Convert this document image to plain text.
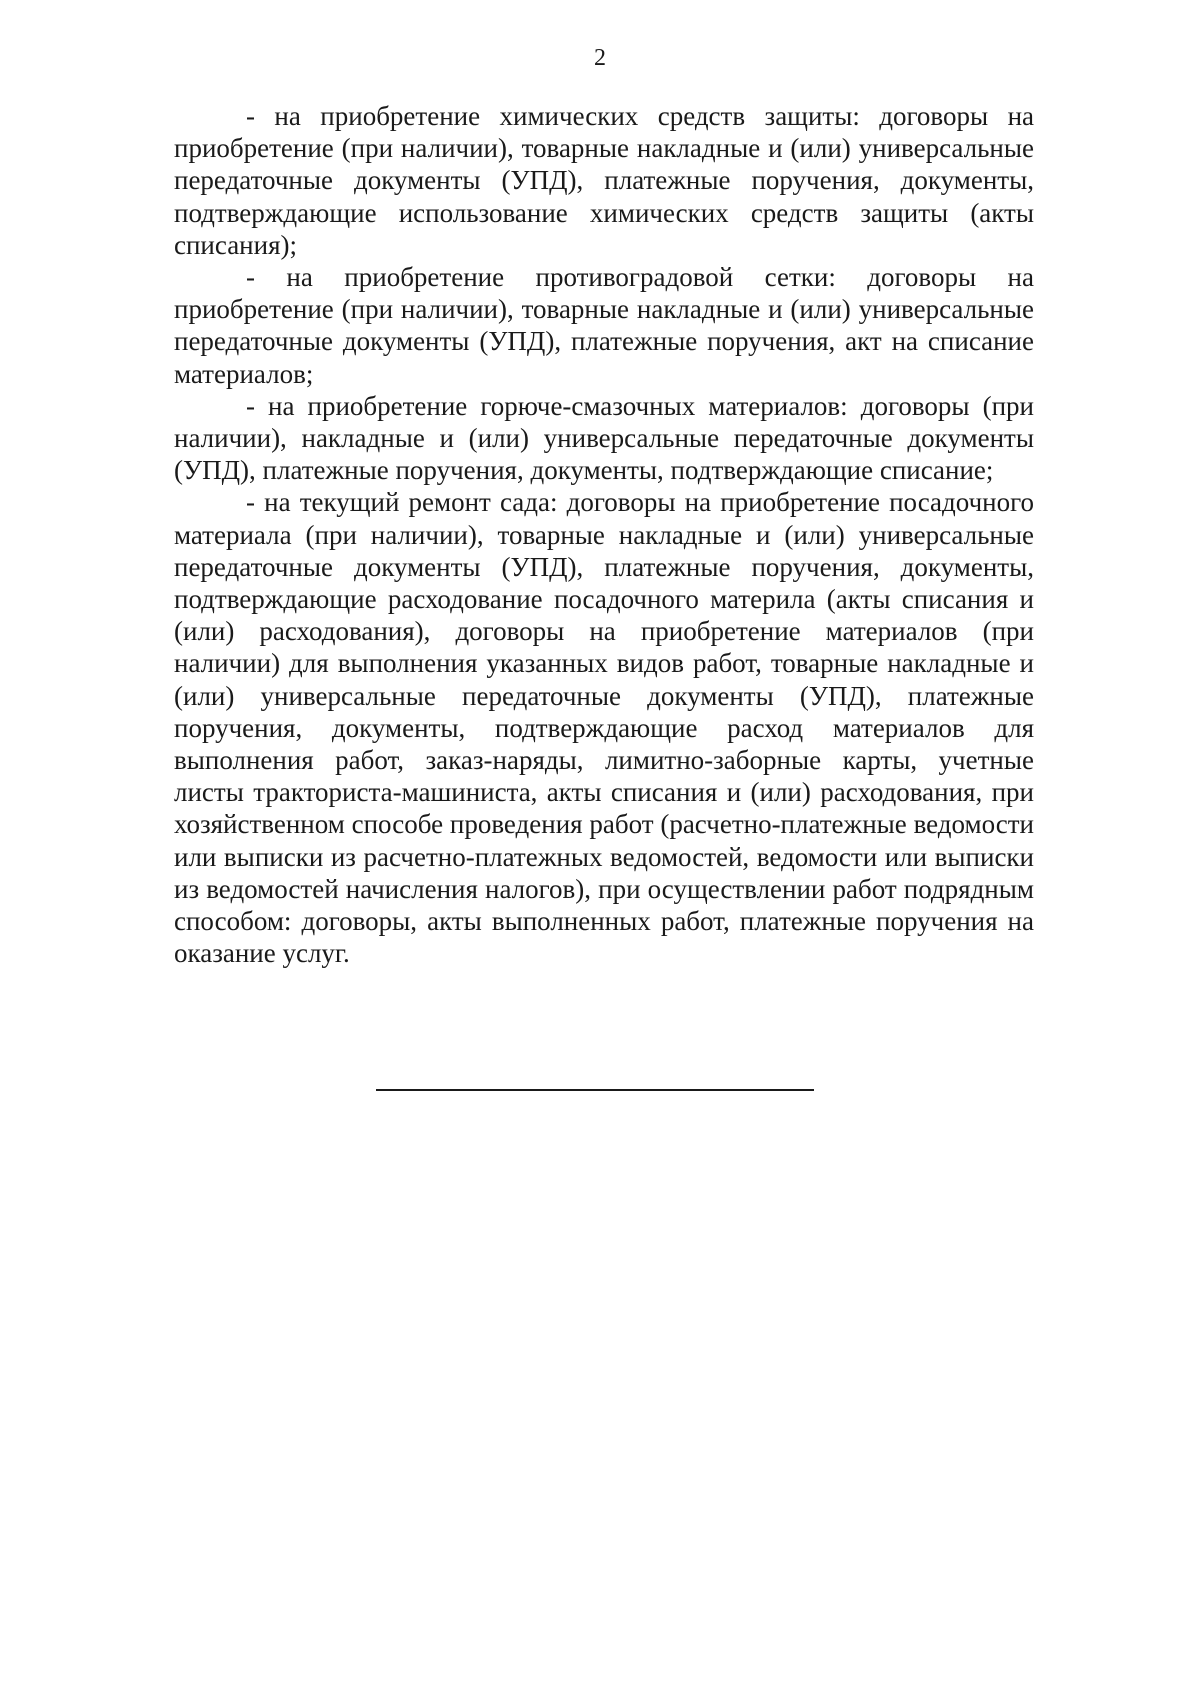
2

- на приобретение химических средств защиты: договоры на приобретение (при наличии), товарные накладные и (или) универсальные передаточные документы (УПД), платежные поручения, документы, подтверждающие использование химических средств защиты (акты списания);

- на приобретение противоградовой сетки: договоры на приобретение (при наличии), товарные накладные и (или) универсальные передаточные документы (УПД), платежные поручения, акт на списание материалов;

- на приобретение горюче-смазочных материалов: договоры (при наличии), накладные и (или) универсальные передаточные документы (УПД), платежные поручения, документы, подтверждающие списание;

- на текущий ремонт сада: договоры на приобретение посадочного материала (при наличии), товарные накладные и (или) универсальные передаточные документы (УПД), платежные поручения, документы, подтверждающие расходование посадочного материла (акты списания и (или) расходования), договоры на приобретение материалов (при наличии) для выполнения указанных видов работ, товарные накладные и (или) универсальные передаточные документы (УПД), платежные поручения, документы, подтверждающие расход материалов для выполнения работ, заказ-наряды, лимитно-заборные карты, учетные листы тракториста-машиниста, акты списания и (или) расходования, при хозяйственном способе проведения работ (расчетно-платежные ведомости или выписки из расчетно-платежных ведомостей, ведомости или выписки из ведомостей начисления налогов), при осуществлении работ подрядным способом: договоры, акты выполненных работ, платежные поручения на оказание услуг.
